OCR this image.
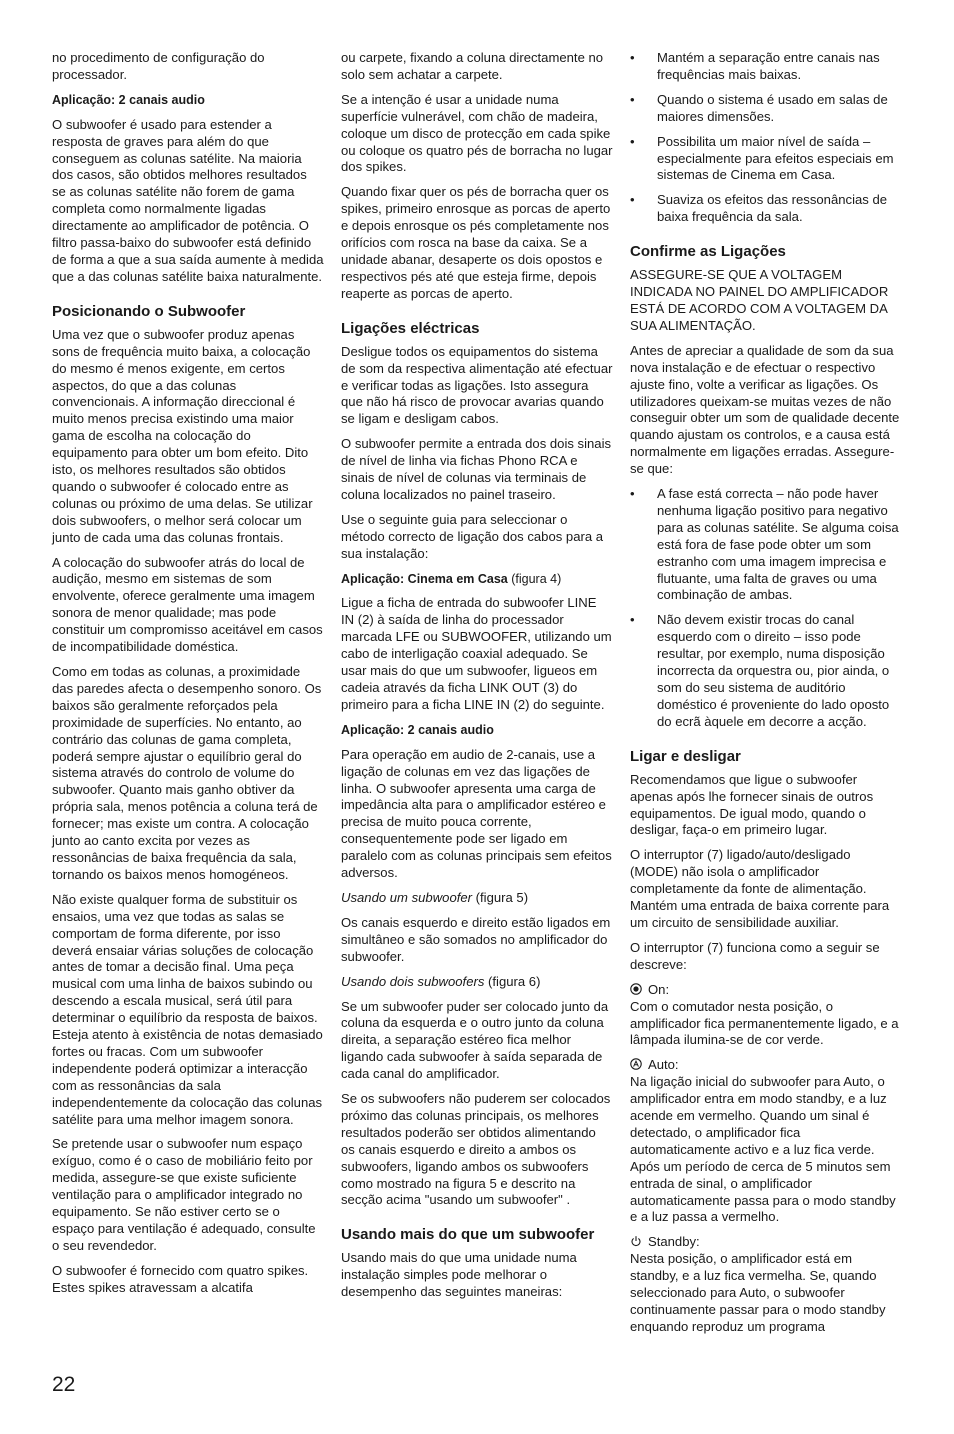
no procedimento de configuração do processador.

Aplicação: 2 canais audio

O subwoofer é usado para estender a resposta de graves para além do que conseguem as colunas satélite. Na maioria dos casos, são obtidos melhores resultados se as colunas satélite não forem de gama completa como normalmente ligadas directamente ao amplificador de potência. O filtro passa-baixo do subwoofer está definido de forma a que a sua saída aumente à medida que a das colunas satélite baixa naturalmente.

Posicionando o Subwoofer

Uma vez que o subwoofer produz apenas sons de frequência muito baixa, a colocação do mesmo é menos exigente, em certos aspectos, do que a das colunas convencionais. A informação direccional é muito menos precisa existindo uma maior gama de escolha na colocação do equipamento para obter um bom efeito. Dito isto, os melhores resultados são obtidos quando o subwoofer é colocado entre as colunas ou próximo de uma delas. Se utilizar dois subwoofers, o melhor será colocar um junto de cada uma das colunas frontais.

A colocação do subwoofer atrás do local de audição, mesmo em sistemas de som envolvente, oferece geralmente uma imagem sonora de menor qualidade; mas pode constituir um compromisso aceitável em casos de incompatibilidade doméstica.

Como em todas as colunas, a proximidade das paredes afecta o desempenho sonoro. Os baixos são geralmente reforçados pela proximidade de superfícies. No entanto, ao contrário das colunas de gama completa, poderá sempre ajustar o equilíbrio geral do sistema através do controlo de volume do subwoofer. Quanto mais ganho obtiver da própria sala, menos potência a coluna terá de fornecer; mas existe um contra. A colocação junto ao canto excita por vezes as ressonâncias de baixa frequência da sala, tornando os baixos menos homogéneos.

Não existe qualquer forma de substituir os ensaios, uma vez que todas as salas se comportam de forma diferente, por isso deverá ensaiar várias soluções de colocação antes de tomar a decisão final. Uma peça musical com uma linha de baixos subindo ou descendo a escala musical, será útil para determinar o equilíbrio da resposta de baixos. Esteja atento à existência de notas demasiado fortes ou fracas. Com um subwoofer independente poderá optimizar a interacção com as ressonâncias da sala independentemente da colocação das colunas satélite para uma melhor imagem sonora.

Se pretende usar o subwoofer num espaço exíguo, como é o caso de mobiliário feito por medida, assegure-se que existe suficiente ventilação para o amplificador integrado no equipamento. Se não estiver certo se o espaço para ventilação é adequado, consulte o seu revendedor.

O subwoofer é fornecido com quatro spikes. Estes spikes atravessam a alcatifa

ou carpete, fixando a coluna directamente no solo sem achatar a carpete.

Se a intenção é usar a unidade numa superfície vulnerável, com chão de madeira, coloque um disco de protecção em cada spike ou coloque os quatro pés de borracha no lugar dos spikes.

Quando fixar quer os pés de borracha quer os spikes, primeiro enrosque as porcas de aperto e depois enrosque os pés completamente nos orifícios com rosca na base da caixa. Se a unidade abanar, desaperte os dois opostos e respectivos pés até que esteja firme, depois reaperte as porcas de aperto.

Ligações eléctricas

Desligue todos os equipamentos do sistema de som da respectiva alimentação até efectuar e verificar todas as ligações. Isto assegura que não há risco de provocar avarias quando se ligam e desligam cabos.

O subwoofer permite a entrada dos dois sinais de nível de linha via fichas Phono RCA e sinais de nível de colunas via terminais de coluna localizados no painel traseiro.

Use o seguinte guia para seleccionar o método correcto de ligação dos cabos para a sua instalação:

Aplicação: Cinema em Casa (figura 4)

Ligue a ficha de entrada do subwoofer LINE IN (2) à saída de linha do processador marcada LFE ou SUBWOOFER, utilizando um cabo de interligação coaxial adequado. Se usar mais do que um subwoofer, ligueos em cadeia através da ficha LINK OUT (3) do primeiro para a ficha LINE IN (2) do seguinte.

Aplicação: 2 canais audio

Para operação em audio de 2-canais, use a ligação de colunas em vez das ligações de linha. O subwoofer apresenta uma carga de impedância alta para o amplificador estéreo e precisa de muito pouca corrente, consequentemente pode ser ligado em paralelo com as colunas principais sem efeitos adversos.

Usando um subwoofer (figura 5)

Os canais esquerdo e direito estão ligados em simultâneo e são somados no amplificador do subwoofer.

Usando dois subwoofers (figura 6)

Se um subwoofer puder ser colocado junto da coluna da esquerda e o outro junto da coluna direita, a separação estéreo fica melhor ligando cada subwoofer à saída separada de cada canal do amplificador.

Se os subwoofers não puderem ser colocados próximo das colunas principais, os melhores resultados poderão ser obtidos alimentando os canais esquerdo e direito a ambos os subwoofers, ligando ambos os subwoofers como mostrado na figura 5 e descrito na secção acima "usando um subwoofer" .

Usando mais do que um subwoofer

Usando mais do que uma unidade numa instalação simples pode melhorar o desempenho das seguintes maneiras:

• Mantém a separação entre canais nas frequências mais baixas.

• Quando o sistema é usado em salas de maiores dimensões.

• Possibilita um maior nível de saída – especialmente para efeitos especiais em sistemas de Cinema em Casa.

• Suaviza os efeitos das ressonâncias de baixa frequência da sala.

Confirme as Ligações

ASSEGURE-SE QUE A VOLTAGEM INDICADA NO PAINEL DO AMPLIFICADOR ESTÁ DE ACORDO COM A VOLTAGEM DA SUA ALIMENTAÇÃO.

Antes de apreciar a qualidade de som da sua nova instalação e de efectuar o respectivo ajuste fino, volte a verificar as ligações. Os utilizadores queixam-se muitas vezes de não conseguir obter um som de qualidade decente quando ajustam os controlos, e a causa está normalmente em ligações erradas. Assegure-se que:

• A fase está correcta – não pode haver nenhuma ligação positivo para negativo para as colunas satélite. Se alguma coisa está fora de fase pode obter um som estranho com uma imagem imprecisa e flutuante, uma falta de graves ou uma combinação de ambas.

• Não devem existir trocas do canal esquerdo com o direito – isso pode resultar, por exemplo, numa disposição incorrecta da orquestra ou, pior ainda, o som do seu sistema de auditório doméstico é proveniente do lado oposto do ecrã àquele em decorre a acção.

Ligar e desligar

Recomendamos que ligue o subwoofer apenas após lhe fornecer sinais de outros equipamentos. De igual modo, quando o desligar, faça-o em primeiro lugar.

O interruptor (7) ligado/auto/desligado (MODE) não isola o amplificador completamente da fonte de alimentação. Mantém uma entrada de baixa corrente para um circuito de sensibilidade auxiliar.

O interruptor (7) funciona como a seguir se descreve:

On:
Com o comutador nesta posição, o amplificador fica permanentemente ligado, e a lâmpada ilumina-se de cor verde.
Auto:
Na ligação inicial do subwoofer para Auto, o amplificador entra em modo standby, e a luz acende em vermelho. Quando um sinal é detectado, o amplificador fica automaticamente activo e a luz fica verde. Após um período de cerca de 5 minutos sem entrada de sinal, o amplificador automaticamente passa para o modo standby e a luz passa a vermelho.
Standby:
Nesta posição, o amplificador está em standby, e a luz fica vermelha. Se, quando seleccionado para Auto, o subwoofer continuamente passar para o modo standby enquando reproduz um programa
22
